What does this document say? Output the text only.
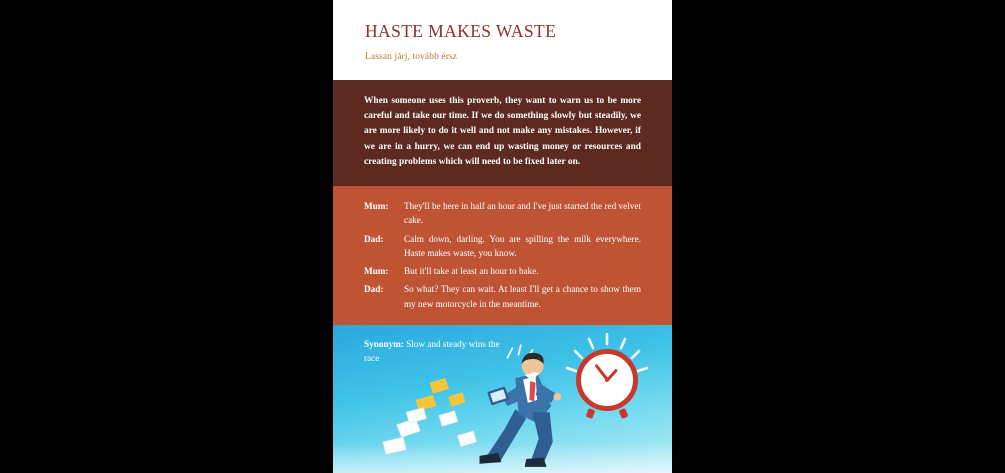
HASTE MAKES WASTE

Lassan járj, tovább érsz

When someone uses this proverb, they want to warn us to be more careful and take our time. If we do something slowly but steadily, we are more likely to do it well and not make any mistakes. However, if we are in a hurry, we can end up wasting money or resources and creating problems which will need to be fixed later on.

Mum:	They'll be here in half an hour and I've just started the red velvet cake.
Dad:	Calm down, darling. You are spilling the milk everywhere. Haste makes waste, you know.
Mum:	But it'll take at least an hour to bake.
Dad:	So what? They can wait. At least I'll get a chance to show them my new motorcycle in the meantime.
Synonym: Slow and steady wins the race
